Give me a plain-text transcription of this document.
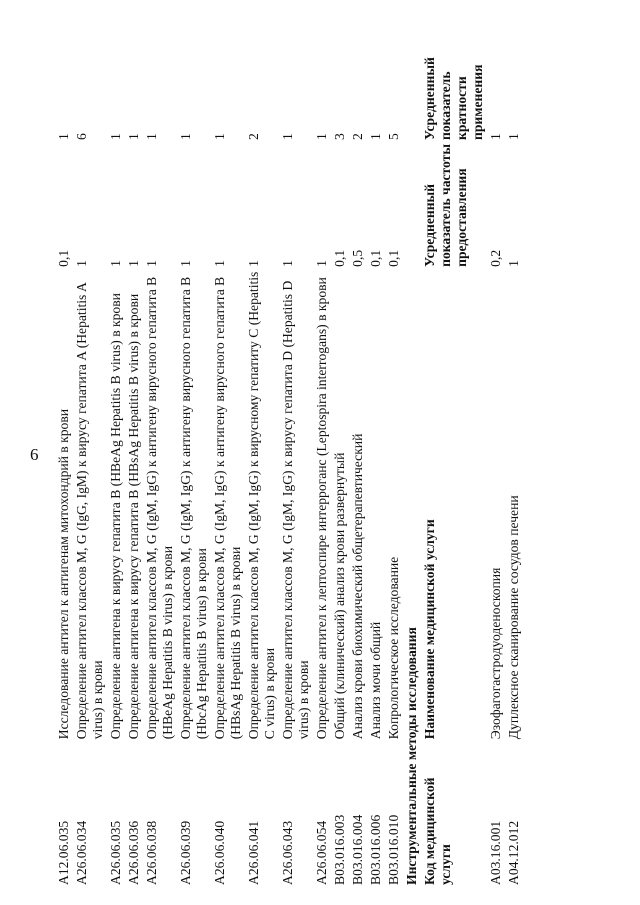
6
A12.06.035	Исследование антител к антигенам митохондрий в крови	0,1	1
A26.06.034	Определение антител классов M, G (IgG, IgM) к вирусу гепатита A (Hepatitis A virus) в крови	1	6
A26.06.035	Определение антигена к вирусу гепатита B (HBeAg Hepatitis B virus) в крови	1	1
A26.06.036	Определение антигена к вирусу гепатита B (HBsAg Hepatitis B virus) в крови	1	1
A26.06.038	Определение антител классов M, G (IgM, IgG) к антигену вирусного гепатита B (HBeAg Hepatitis B virus) в крови	1	1
A26.06.039	Определение антител классов M, G (IgM, IgG) к антигену вирусного гепатита B (HbcAg Hepatitis B virus) в крови	1	1
A26.06.040	Определение антител классов M, G (IgM, IgG) к антигену вирусного гепатита B (HBsAg Hepatitis B virus) в крови	1	1
A26.06.041	Определение антител классов M, G (IgM, IgG) к вирусному гепатиту C (Hepatitis C virus) в крови	1	2
A26.06.043	Определение антител классов M, G (IgM, IgG) к вирусу гепатита D (Hepatitis D virus) в крови	1	1
A26.06.054	Определение антител к лептоспире интерроганс (Leptospira interrogans) в крови	1	1
B03.016.003	Общий (клинический) анализ крови развернутый	0,1	3
B03.016.004	Анализ крови биохимический общетерапевтический	0,5	2
B03.016.006	Анализ мочи общий	0,1	1
B03.016.010	Копрологическое исследование	0,1	5
Инструментальные методы исследования			
Код медицинской услуги	Наименование медицинской услуги	Усредненный показатель частоты предоставления	Усредненный показатель кратности применения
A03.16.001	Эзофагогастродуоденоскопия	0,2	1
A04.12.012	Дуплексное сканирование сосудов печени	1	1
